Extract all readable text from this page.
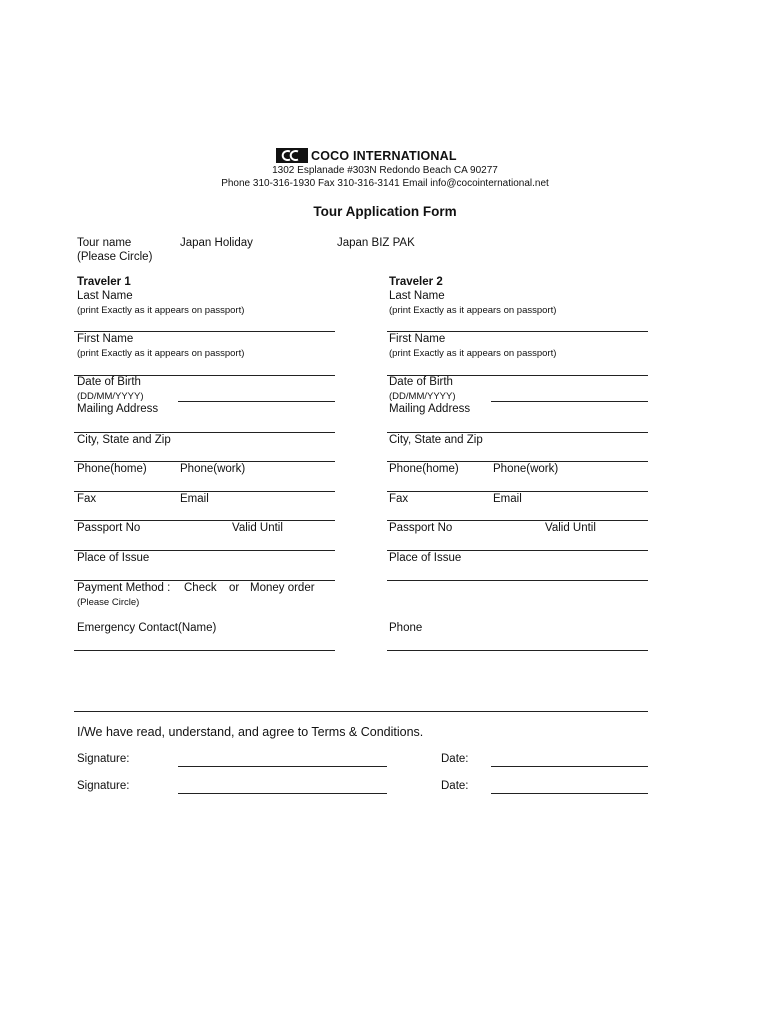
COCO INTERNATIONAL
1302 Esplanade #303N Redondo Beach CA 90277
Phone 310-316-1930 Fax 310-316-3141 Email info@cocointernational.net
Tour Application Form
Tour name
(Please Circle)
Japan Holiday	Japan BIZ PAK
Traveler 1
Last Name
(print Exactly as it appears on passport)
First Name
(print Exactly as it appears on passport)
Date of Birth
(DD/MM/YYYY)
Mailing Address
City, State and Zip
Phone(home)	Phone(work)
Fax	Email
Passport No	Valid Until
Place of Issue
Payment Method : Check or Money order
(Please Circle)
Emergency Contact(Name)
Traveler 2
Last Name
(print Exactly as it appears on passport)
First Name
(print Exactly as it appears on passport)
Date of Birth
(DD/MM/YYYY)
Mailing Address
City, State and Zip
Phone(home)	Phone(work)
Fax	Email
Passport No	Valid Until
Place of Issue
Phone
I/We have read, understand, and agree to Terms & Conditions.
Signature:	Date:
Signature:	Date:
